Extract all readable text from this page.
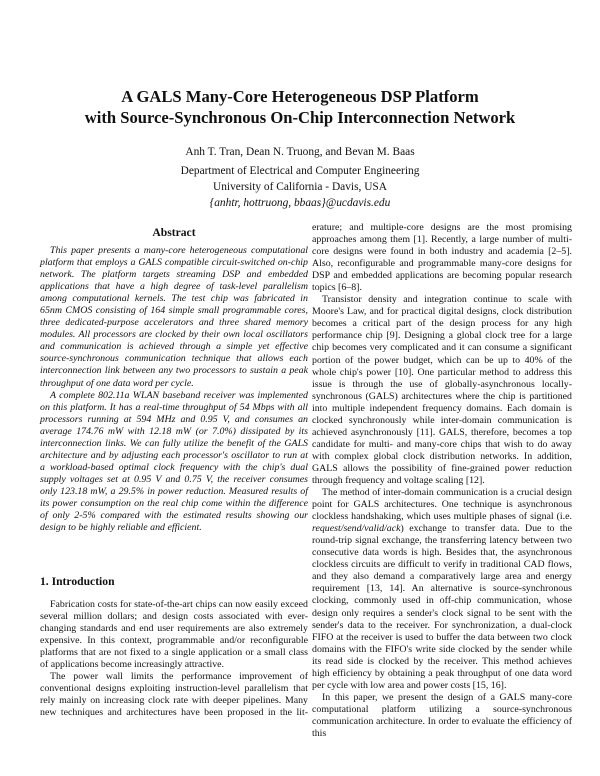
A GALS Many-Core Heterogeneous DSP Platform
with Source-Synchronous On-Chip Interconnection Network
Anh T. Tran, Dean N. Truong, and Bevan M. Baas
Department of Electrical and Computer Engineering
University of California - Davis, USA
{anhtr, hottruong, bbaas}@ucdavis.edu
Abstract

This paper presents a many-core heterogeneous computational platform that employs a GALS compatible circuit-switched on-chip network. The platform targets streaming DSP and embedded applications that have a high degree of task-level parallelism among computational kernels. The test chip was fabricated in 65nm CMOS consisting of 164 simple small programmable cores, three dedicated-purpose accelerators and three shared memory modules. All processors are clocked by their own local oscillators and communication is achieved through a simple yet effective source-synchronous communication technique that allows each interconnection link between any two processors to sustain a peak throughput of one data word per cycle.

A complete 802.11a WLAN baseband receiver was implemented on this platform. It has a real-time throughput of 54 Mbps with all processors running at 594 MHz and 0.95 V, and consumes an average 174.76 mW with 12.18 mW (or 7.0%) dissipated by its interconnection links. We can fully utilize the benefit of the GALS architecture and by adjusting each processor's oscillator to run at a workload-based optimal clock frequency with the chip's dual supply voltages set at 0.95 V and 0.75 V, the receiver consumes only 123.18 mW, a 29.5% in power reduction. Measured results of its power consumption on the real chip come within the difference of only 2-5% compared with the estimated results showing our design to be highly reliable and efficient.

1. Introduction

Fabrication costs for state-of-the-art chips can now easily exceed several million dollars; and design costs associated with ever-changing standards and end user requirements are also extremely expensive. In this context, programmable and/or reconfigurable platforms that are not fixed to a single application or a small class of applications become increasingly attractive.

The power wall limits the performance improvement of conventional designs exploiting instruction-level parallelism that rely mainly on increasing clock rate with deeper pipelines. Many new techniques and architectures have been proposed in the lit-

erature; and multiple-core designs are the most promising approaches among them [1]. Recently, a large number of multi-core designs were found in both industry and academia [2–5]. Also, reconfigurable and programmable many-core designs for DSP and embedded applications are becoming popular research topics [6–8].

Transistor density and integration continue to scale with Moore's Law, and for practical digital designs, clock distribution becomes a critical part of the design process for any high performance chip [9]. Designing a global clock tree for a large chip becomes very complicated and it can consume a significant portion of the power budget, which can be up to 40% of the whole chip's power [10]. One particular method to address this issue is through the use of globally-asynchronous locally-synchronous (GALS) architectures where the chip is partitioned into multiple independent frequency domains. Each domain is clocked synchronously while inter-domain communication is achieved asynchronously [11]. GALS, therefore, becomes a top candidate for multi- and many-core chips that wish to do away with complex global clock distribution networks. In addition, GALS allows the possibility of fine-grained power reduction through frequency and voltage scaling [12].

The method of inter-domain communication is a crucial design point for GALS architectures. One technique is asynchronous clockless handshaking, which uses multiple phases of signal (i.e. request/send/valid/ack) exchange to transfer data. Due to the round-trip signal exchange, the transferring latency between two consecutive data words is high. Besides that, the asynchronous clockless circuits are difficult to verify in traditional CAD flows, and they also demand a comparatively large area and energy requirement [13, 14]. An alternative is source-synchronous clocking, commonly used in off-chip communication, whose design only requires a sender's clock signal to be sent with the sender's data to the receiver. For synchronization, a dual-clock FIFO at the receiver is used to buffer the data between two clock domains with the FIFO's write side clocked by the sender while its read side is clocked by the receiver. This method achieves high efficiency by obtaining a peak throughput of one data word per cycle with low area and power costs [15, 16].

In this paper, we present the design of a GALS many-core computational platform utilizing a source-synchronous communication architecture. In order to evaluate the efficiency of this
